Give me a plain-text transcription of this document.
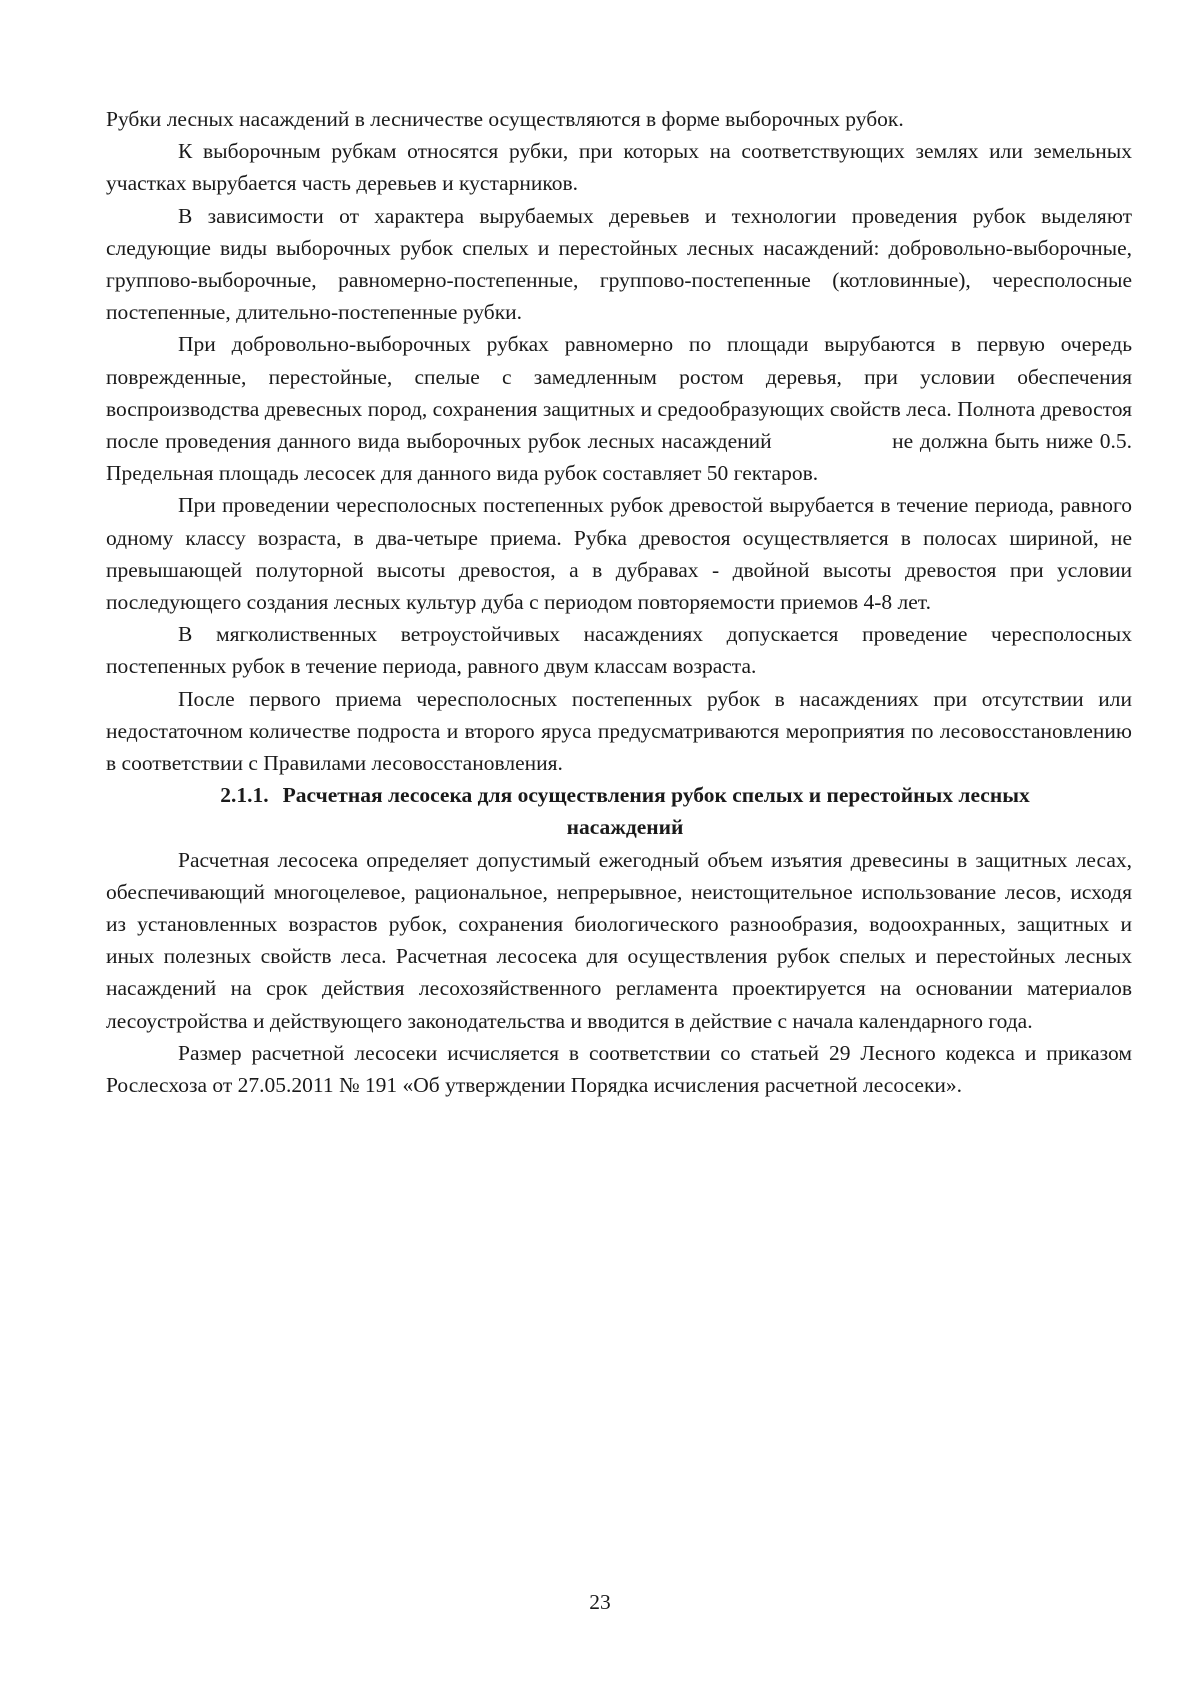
Рубки лесных насаждений в лесничестве осуществляются в форме выборочных рубок.

К выборочным рубкам относятся рубки, при которых на соответствующих землях или земельных участках вырубается часть деревьев и кустарников.

В зависимости от характера вырубаемых деревьев и технологии проведения рубок выделяют следующие виды выборочных рубок спелых и перестойных лесных насаждений: добровольно-выборочные, группово-выборочные, равномерно-постепенные, группово-постепенные (котловинные), чересполосные постепенные, длительно-постепенные рубки.

При добровольно-выборочных рубках равномерно по площади вырубаются в первую очередь поврежденные, перестойные, спелые с замедленным ростом деревья, при условии обеспечения воспроизводства древесных пород, сохранения защитных и средообразующих свойств леса. Полнота древостоя после проведения данного вида выборочных рубок лесных насаждений                  не должна быть ниже 0.5. Предельная площадь лесосек для данного вида рубок составляет 50 гектаров.

При проведении чересполосных постепенных рубок древостой вырубается в течение периода, равного одному классу возраста, в два-четыре приема. Рубка древостоя осуществляется в полосах шириной, не превышающей полуторной высоты древостоя, а в дубравах - двойной высоты древостоя при условии последующего создания лесных культур дуба с периодом повторяемости приемов 4-8 лет.

В мягколиственных ветроустойчивых насаждениях допускается проведение чересполосных постепенных рубок в течение периода, равного двум классам возраста.

После первого приема чересполосных постепенных рубок в насаждениях при отсутствии или недостаточном количестве подроста и второго яруса предусматриваются мероприятия по лесовосстановлению в соответствии с Правилами лесовосстановления.

2.1.1. Расчетная лесосека для осуществления рубок спелых и перестойных лесных насаждений

Расчетная лесосека определяет допустимый ежегодный объем изъятия древесины в защитных лесах, обеспечивающий многоцелевое, рациональное, непрерывное, неистощительное использование лесов, исходя из установленных возрастов рубок, сохранения биологического разнообразия, водоохранных, защитных и иных полезных свойств леса. Расчетная лесосека для осуществления рубок спелых и перестойных лесных насаждений на срок действия лесохозяйственного регламента проектируется на основании материалов лесоустройства и действующего законодательства и вводится в действие с начала календарного года.

Размер расчетной лесосеки исчисляется в соответствии со статьей 29 Лесного кодекса и приказом Рослесхоза от 27.05.2011 № 191 «Об утверждении Порядка исчисления расчетной лесосеки».

23
